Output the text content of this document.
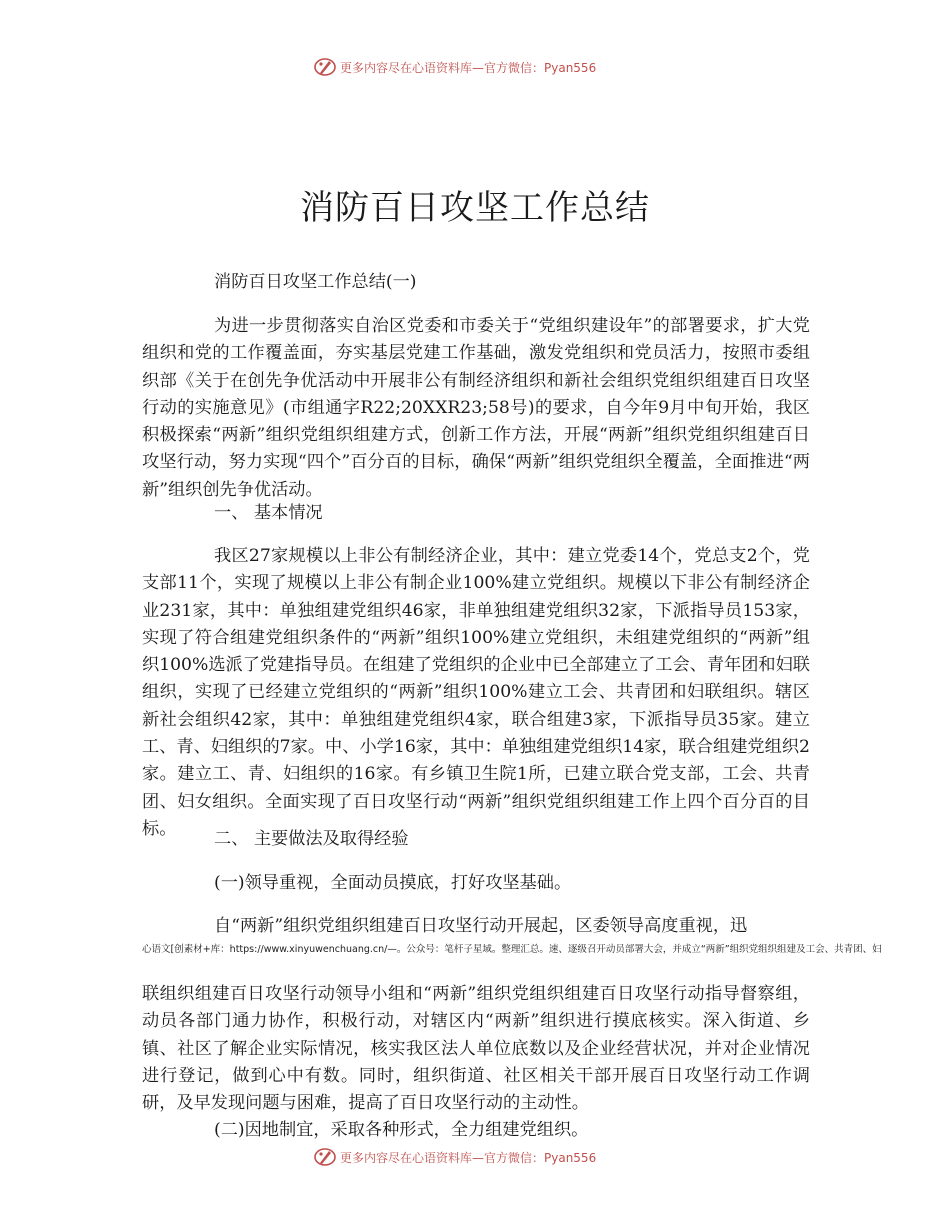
更多内容尽在心语资料库—官方微信：Pyan556
消防百日攻坚工作总结

消防百日攻坚工作总结(一)

为进一步贯彻落实自治区党委和市委关于“党组织建设年”的部署要求，扩大党组织和党的工作覆盖面，夯实基层党建工作基础，激发党组织和党员活力，按照市委组织部《关于在创先争优活动中开展非公有制经济组织和新社会组织党组织组建百日攻坚行动的实施意见》(市组通字R22;20XXR23;58号)的要求，自今年9月中旬开始，我区积极探索“两新”组织党组织组建方式，创新工作方法，开展“两新”组织党组织组建百日攻坚行动，努力实现“四个”百分百的目标，确保“两新”组织党组织全覆盖，全面推进“两新”组织创先争优活动。

一、 基本情况

我区27家规模以上非公有制经济企业，其中：建立党委14个，党总支2个，党支部11个，实现了规模以上非公有制企业100%建立党组织。规模以下非公有制经济企业231家，其中：单独组建党组织46家，非单独组建党组织32家，下派指导员153家，实现了符合组建党组织条件的“两新”组织100%建立党组织，未组建党组织的“两新”组织100%选派了党建指导员。在组建了党组织的企业中已全部建立了工会、青年团和妇联组织，实现了已经建立党组织的“两新”组织100%建立工会、共青团和妇联组织。辖区新社会组织42家，其中：单独组建党组织4家，联合组建3家，下派指导员35家。建立工、青、妇组织的7家。中、小学16家，其中：单独组建党组织14家，联合组建党组织2家。建立工、青、妇组织的16家。有乡镇卫生院1所，已建立联合党支部，工会、共青团、妇女组织。全面实现了百日攻坚行动“两新”组织党组织组建工作上四个百分百的目标。

二、 主要做法及取得经验

(一)领导重视，全面动员摸底，打好攻坚基础。

自“两新”组织党组织组建百日攻坚行动开展起，区委领导高度重视，迅

心语文[创素材+库：https://www.xinyuwenchuang.cn/—。公众号：笔杆子星域。整理汇总。速、逐级召开动员部署大会，并成立“两新”组织党组织组建及工会、共青团、妇

联组织组建百日攻坚行动领导小组和“两新”组织党组织组建百日攻坚行动指导督察组，动员各部门通力协作，积极行动，对辖区内“两新”组织进行摸底核实。深入街道、乡镇、社区了解企业实际情况，核实我区法人单位底数以及企业经营状况，并对企业情况进行登记，做到心中有数。同时，组织街道、社区相关干部开展百日攻坚行动工作调研，及早发现问题与困难，提高了百日攻坚行动的主动性。

(二)因地制宜，采取各种形式，全力组建党组织。

更多内容尽在心语资料库—官方微信：Pyan556
